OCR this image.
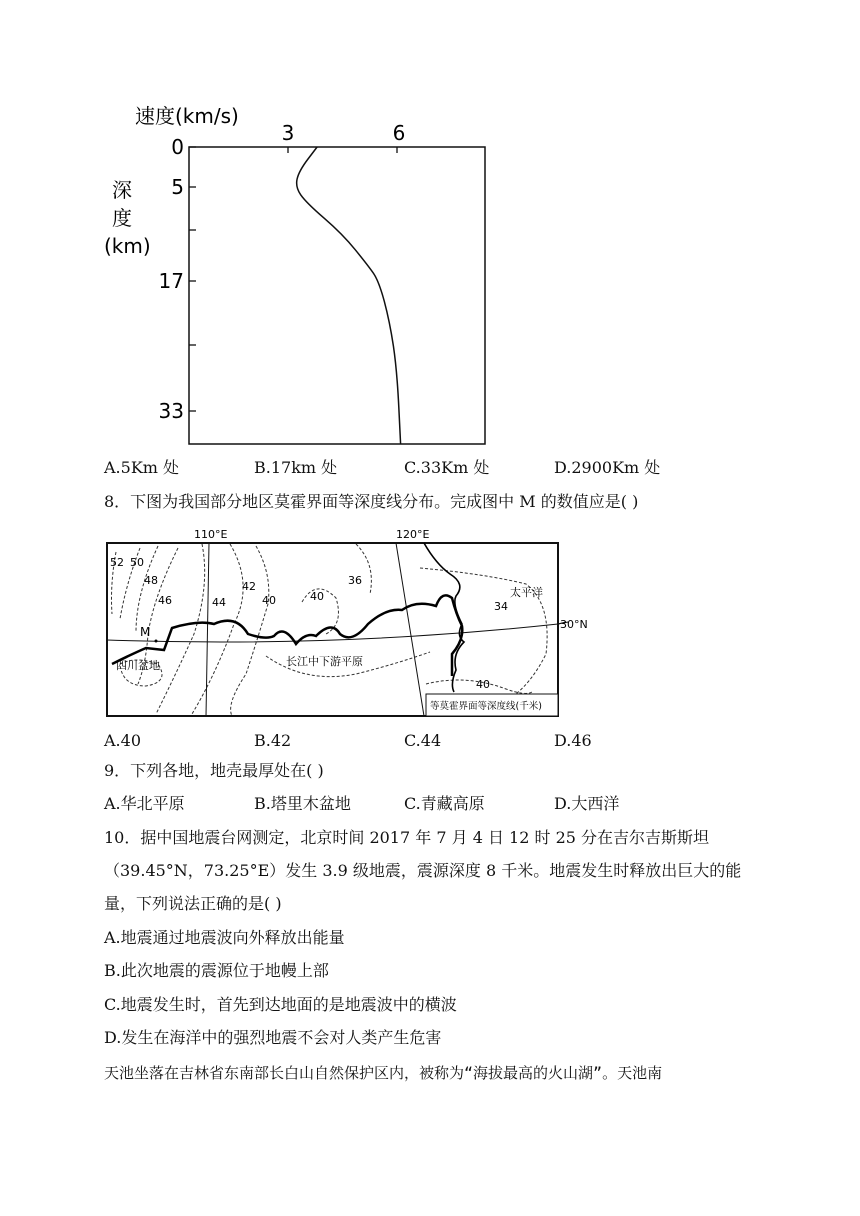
速度(km/s)
深
度
(km)
3	6
0
5
17
33
A.5Km 处	B.17km 处	C.33Km 处	D.2900Km 处
8．下图为我国部分地区莫霍界面等深度线分布。完成图中 M 的数值应是( )
110°E	120°E
30°N
M
52 50
48
46	44
42
40	40
36
34
40
太平洋
四川盆地	长江中下游平原
等莫霍界面等深度线(千米)
A.40	B.42	C.44	D.46
9．下列各地，地壳最厚处在( )
A.华北平原	B.塔里木盆地	C.青藏高原	D.大西洋
10．据中国地震台网测定，北京时间 2017 年 7 月 4 日 12 时 25 分在吉尔吉斯斯坦
（39.45°N，73.25°E）发生 3.9 级地震，震源深度 8 千米。地震发生时释放出巨大的能
量，下列说法正确的是( )
A.地震通过地震波向外释放出能量
B.此次地震的震源位于地幔上部
C.地震发生时，首先到达地面的是地震波中的横波
D.发生在海洋中的强烈地震不会对人类产生危害
天池坐落在吉林省东南部长白山自然保护区内，被称为“海拔最高的火山湖”。天池南
